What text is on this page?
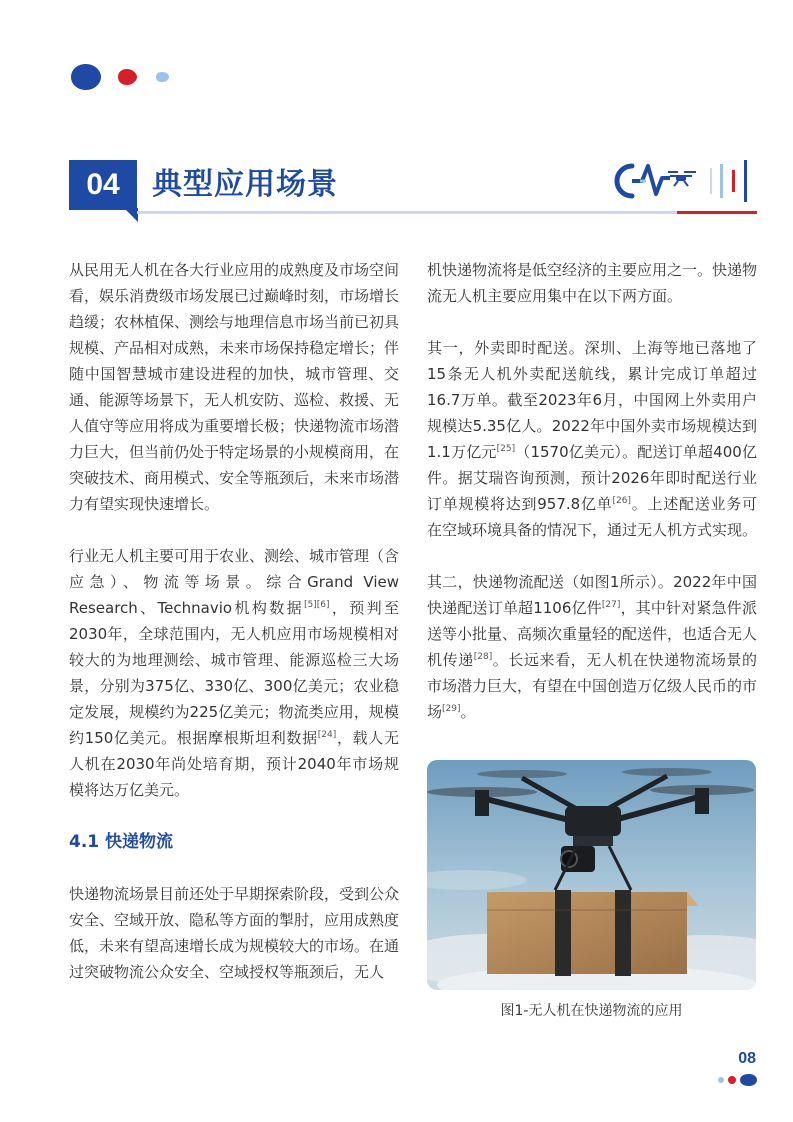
04	典型应用场景

从民用无人机在各大行业应用的成熟度及市场空间看，娱乐消费级市场发展已过巅峰时刻，市场增长趋缓；农林植保、测绘与地理信息市场当前已初具规模、产品相对成熟，未来市场保持稳定增长；伴随中国智慧城市建设进程的加快，城市管理、交通、能源等场景下，无人机安防、巡检、救援、无人值守等应用将成为重要增长极；快递物流市场潜力巨大，但当前仍处于特定场景的小规模商用，在突破技术、商用模式、安全等瓶颈后，未来市场潜力有望实现快速增长。

行业无人机主要可用于农业、测绘、城市管理（含应急）、物流等场景。综合Grand View Research、Technavio机构数据[5][6]，预判至2030年，全球范围内，无人机应用市场规模相对较大的为地理测绘、城市管理、能源巡检三大场景，分别为375亿、330亿、300亿美元；农业稳定发展，规模约为225亿美元；物流类应用，规模约150亿美元。根据摩根斯坦利数据[24]，载人无人机在2030年尚处培育期，预计2040年市场规模将达万亿美元。

4.1 快递物流

快递物流场景目前还处于早期探索阶段，受到公众安全、空域开放、隐私等方面的掣肘，应用成熟度低，未来有望高速增长成为规模较大的市场。在通过突破物流公众安全、空域授权等瓶颈后，无人

机快递物流将是低空经济的主要应用之一。快递物流无人机主要应用集中在以下两方面。

其一，外卖即时配送。深圳、上海等地已落地了15条无人机外卖配送航线，累计完成订单超过16.7万单。截至2023年6月，中国网上外卖用户规模达5.35亿人。2022年中国外卖市场规模达到1.1万亿元[25]（1570亿美元）。配送订单超400亿件。据艾瑞咨询预测，预计2026年即时配送行业订单规模将达到957.8亿单[26]。上述配送业务可在空域环境具备的情况下，通过无人机方式实现。

其二，快递物流配送（如图1所示）。2022年中国快递配送订单超1106亿件[27]，其中针对紧急件派送等小批量、高频次重量轻的配送件，也适合无人机传递[28]。长远来看，无人机在快递物流场景的市场潜力巨大，有望在中国创造万亿级人民币的市场[29]。

图1-无人机在快递物流的应用
08
